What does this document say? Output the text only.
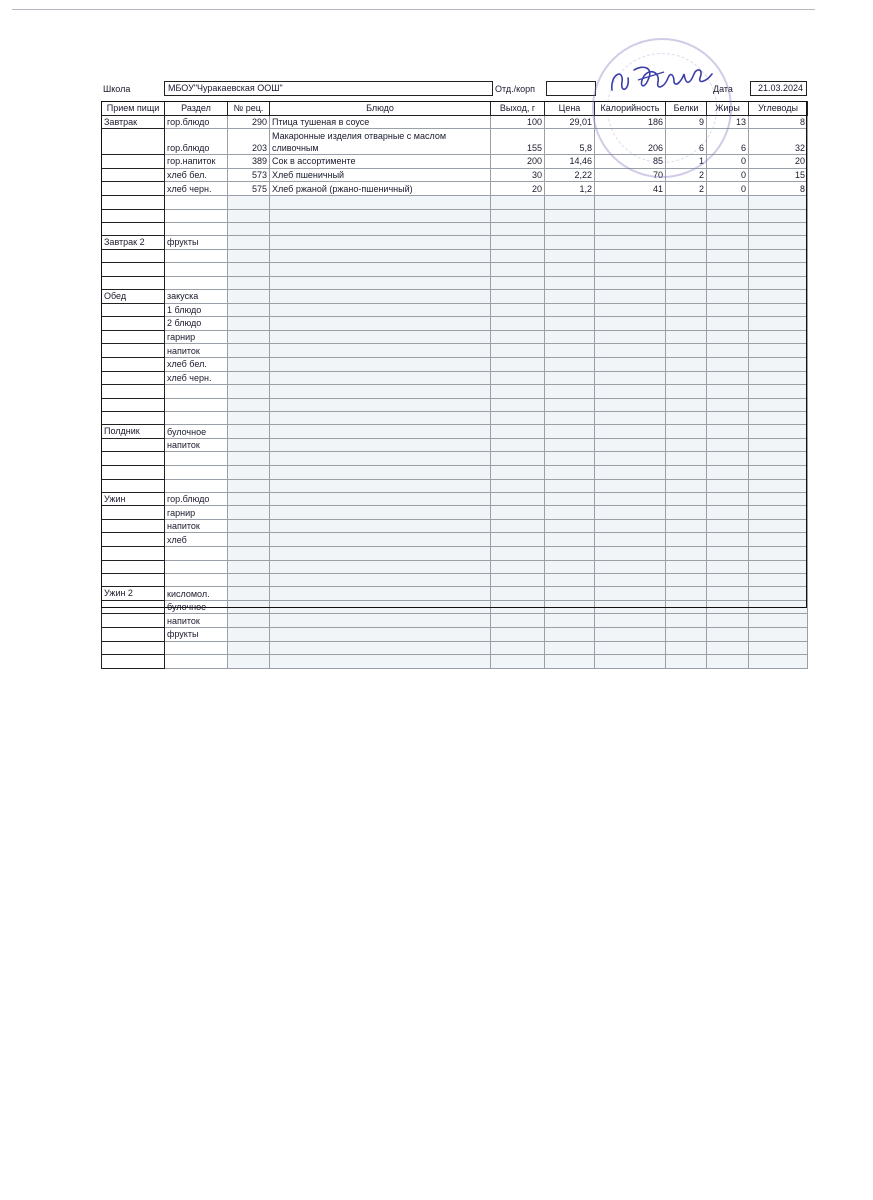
Школа	МБОУ"Чуракаевская ООШ"	Отд./корп	Дата	21.03.2024
Прием пищи	Раздел	№ рец.	Блюдо	Выход, г	Цена	Калорийность	Белки	Жиры	Углеводы
Завтрак	гор.блюдо	290	Птица тушеная в соусе	100	29,01	186	9	13	8
	гор.блюдо	203	Макаронные изделия отварные с маслом сливочным	155	5,8	206	6	6	32
	гор.напиток	389	Сок в ассортименте	200	14,46	85	1	0	20
	хлеб бел.	573	Хлеб пшеничный	30	2,22	70	2	0	15
	хлеб черн.	575	Хлеб ржаной (ржано-пшеничный)	20	1,2	41	2	0	8

Завтрак 2	фрукты								

Обед	закуска								
	1 блюдо								
	2 блюдо								
	гарнир								
	напиток								
	хлеб бел.								
	хлеб черн.								

Полдник	булочное								
	напиток								

Ужин	гор.блюдо								
	гарнир								
	напиток								
	хлеб								

Ужин 2	кисломол.								
	булочное								
	напиток								
	фрукты								
